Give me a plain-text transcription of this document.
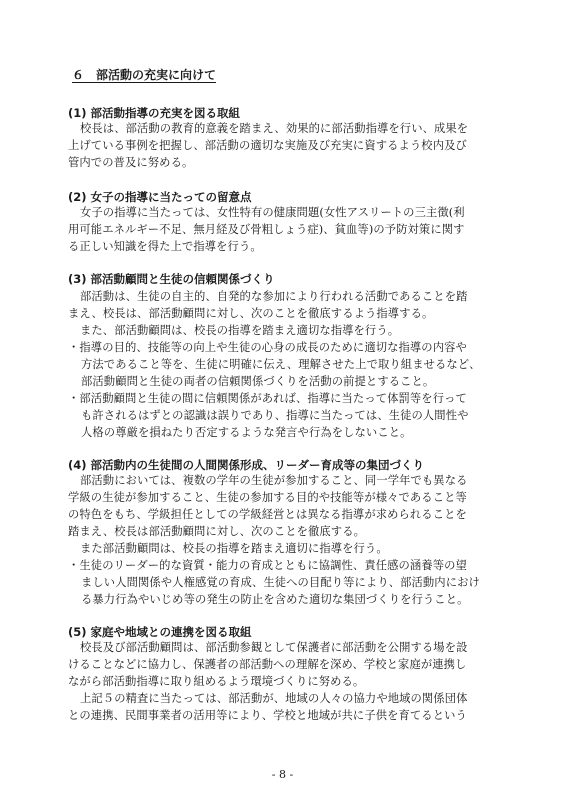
６　部活動の充実に向けて
(1) 部活動指導の充実を図る取組
校長は、部活動の教育的意義を踏まえ、効果的に部活動指導を行い、成果を
上げている事例を把握し、部活動の適切な実施及び充実に資するよう校内及び
管内での普及に努める。
(2) 女子の指導に当たっての留意点
女子の指導に当たっては、女性特有の健康問題(女性アスリートの三主徴(利
用可能エネルギー不足、無月経及び骨粗しょう症)、貧血等)の予防対策に関す
る正しい知識を得た上で指導を行う。
(3) 部活動顧問と生徒の信頼関係づくり
部活動は、生徒の自主的、自発的な参加により行われる活動であることを踏
まえ、校長は、部活動顧問に対し、次のことを徹底するよう指導する。
また、部活動顧問は、校長の指導を踏まえ適切な指導を行う。
・指導の目的、技能等の向上や生徒の心身の成長のために適切な指導の内容や
方法であること等を、生徒に明確に伝え、理解させた上で取り組ませるなど、
部活動顧問と生徒の両者の信頼関係づくりを活動の前提とすること。
・部活動顧問と生徒の間に信頼関係があれば、指導に当たって体罰等を行って
も許されるはずとの認識は誤りであり、指導に当たっては、生徒の人間性や
人格の尊厳を損ねたり否定するような発言や行為をしないこと。
(4) 部活動内の生徒間の人間関係形成、リーダー育成等の集団づくり
部活動においては、複数の学年の生徒が参加すること、同一学年でも異なる
学級の生徒が参加すること、生徒の参加する目的や技能等が様々であること等
の特色をもち、学級担任としての学級経営とは異なる指導が求められることを
踏まえ、校長は部活動顧問に対し、次のことを徹底する。
また部活動顧問は、校長の指導を踏まえ適切に指導を行う。
・生徒のリーダー的な資質・能力の育成とともに協調性、責任感の涵養等の望
ましい人間関係や人権感覚の育成、生徒への目配り等により、部活動内におけ
る暴力行為やいじめ等の発生の防止を含めた適切な集団づくりを行うこと。
(5) 家庭や地域との連携を図る取組
校長及び部活動顧問は、部活動参観として保護者に部活動を公開する場を設
けることなどに協力し、保護者の部活動への理解を深め、学校と家庭が連携し
ながら部活動指導に取り組めるよう環境づくりに努める。
上記５の精査に当たっては、部活動が、地域の人々の協力や地域の関係団体
との連携、民間事業者の活用等により、学校と地域が共に子供を育てるという
- 8 -
